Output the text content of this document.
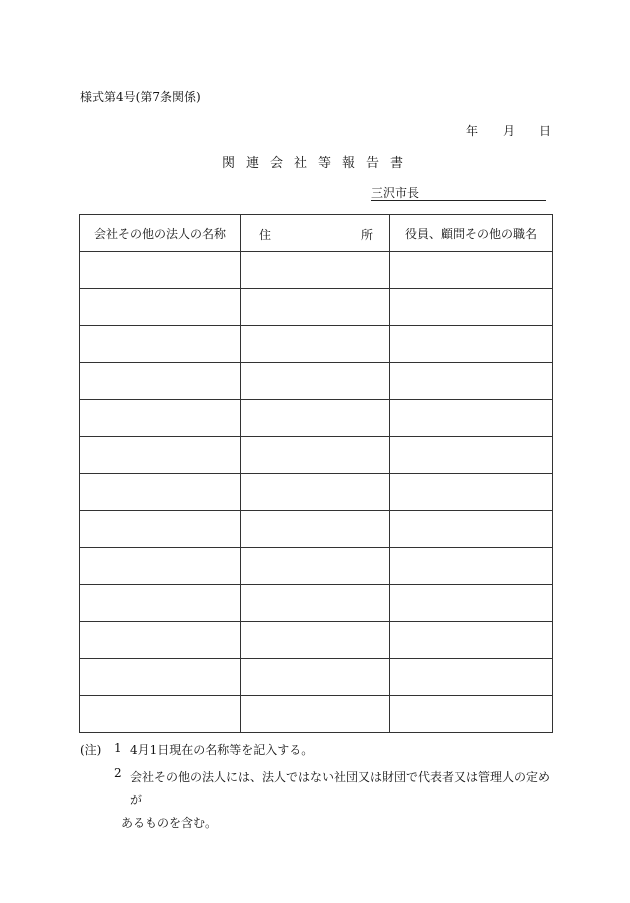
様式第4号(第7条関係)
年 月 日
関連会社等報告書
三沢市長
会社その他の法人の名称	住 所	役員、顧問その他の職名

(注) 1 4月1日現在の名称等を記入する。
2 会社その他の法人には、法人ではない社団又は財団で代表者又は管理人の定めが
あるものを含む。
